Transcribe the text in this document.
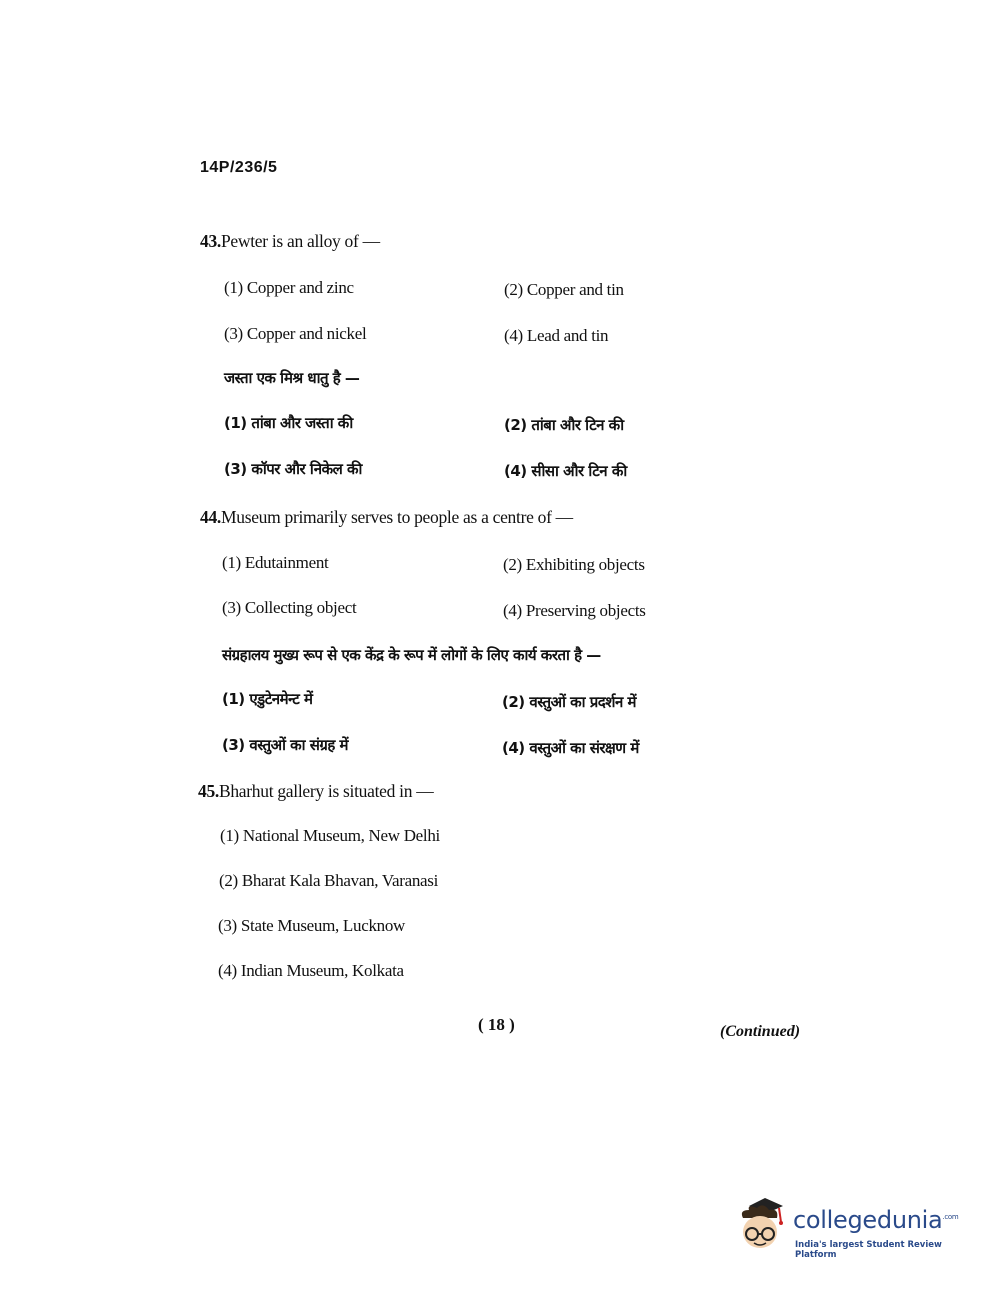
14P/236/5
43.Pewter is an alloy of —
(1) Copper and zinc	(2) Copper and tin
(3) Copper and nickel	(4) Lead and tin
जस्ता एक मिश्र धातु है —
(1) तांबा और जस्ता की	(2) तांबा और टिन की
(3) कॉपर और निकेल की	(4) सीसा और टिन की
44.Museum primarily serves to people as a centre of —
(1) Edutainment	(2) Exhibiting objects
(3) Collecting object	(4) Preserving objects
संग्रहालय मुख्य रूप से एक केंद्र के रूप में लोगों के लिए कार्य करता है —
(1) एडुटेनमेन्ट में	(2) वस्तुओं का प्रदर्शन में
(3) वस्तुओं का संग्रह में	(4) वस्तुओं का संरक्षण में
45.Bharhut gallery is situated in —
(1) National Museum, New Delhi
(2) Bharat Kala Bhavan, Varanasi
(3) State Museum, Lucknow
(4) Indian Museum, Kolkata
( 18 )	(Continued)
collegedunia$^{.com}$
India's largest Student Review Platform
